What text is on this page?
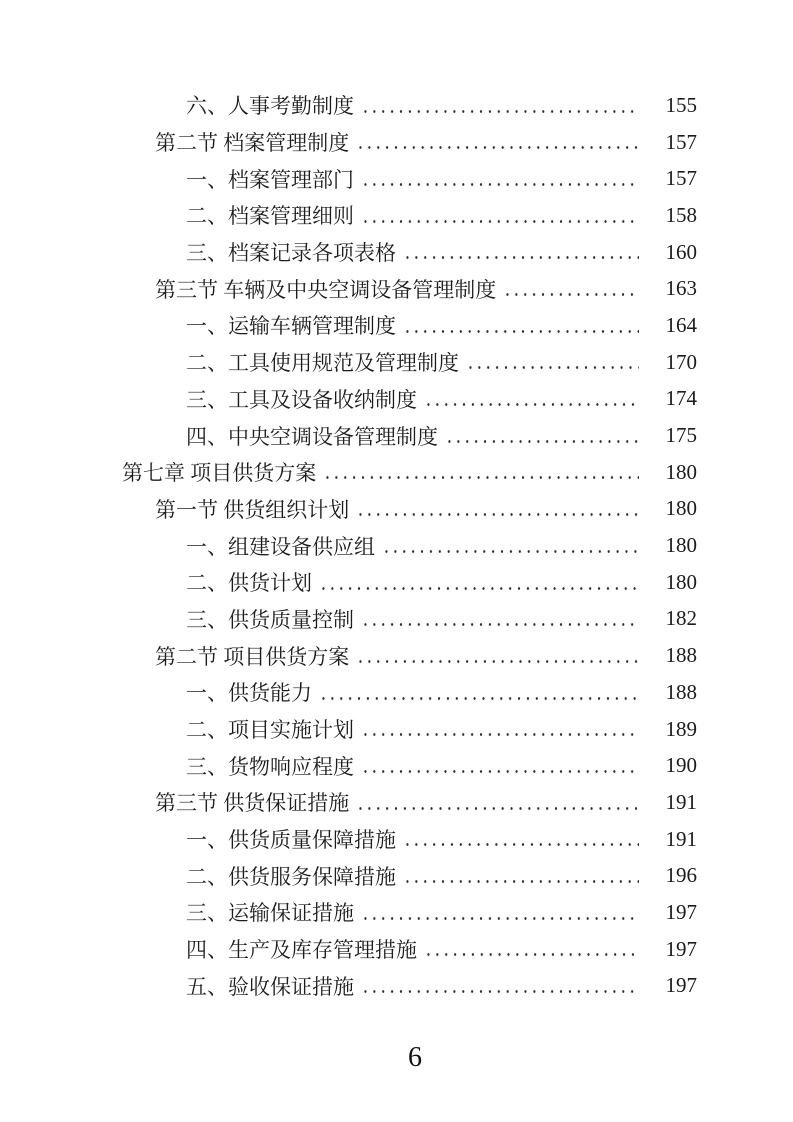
六、人事考勤制度	155
第二节 档案管理制度	157
一、档案管理部门	157
二、档案管理细则	158
三、档案记录各项表格	160
第三节 车辆及中央空调设备管理制度	163
一、运输车辆管理制度	164
二、工具使用规范及管理制度	170
三、工具及设备收纳制度	174
四、中央空调设备管理制度	175
第七章 项目供货方案	180
第一节 供货组织计划	180
一、组建设备供应组	180
二、供货计划	180
三、供货质量控制	182
第二节 项目供货方案	188
一、供货能力	188
二、项目实施计划	189
三、货物响应程度	190
第三节 供货保证措施	191
一、供货质量保障措施	191
二、供货服务保障措施	196
三、运输保证措施	197
四、生产及库存管理措施	197
五、验收保证措施	197
6
